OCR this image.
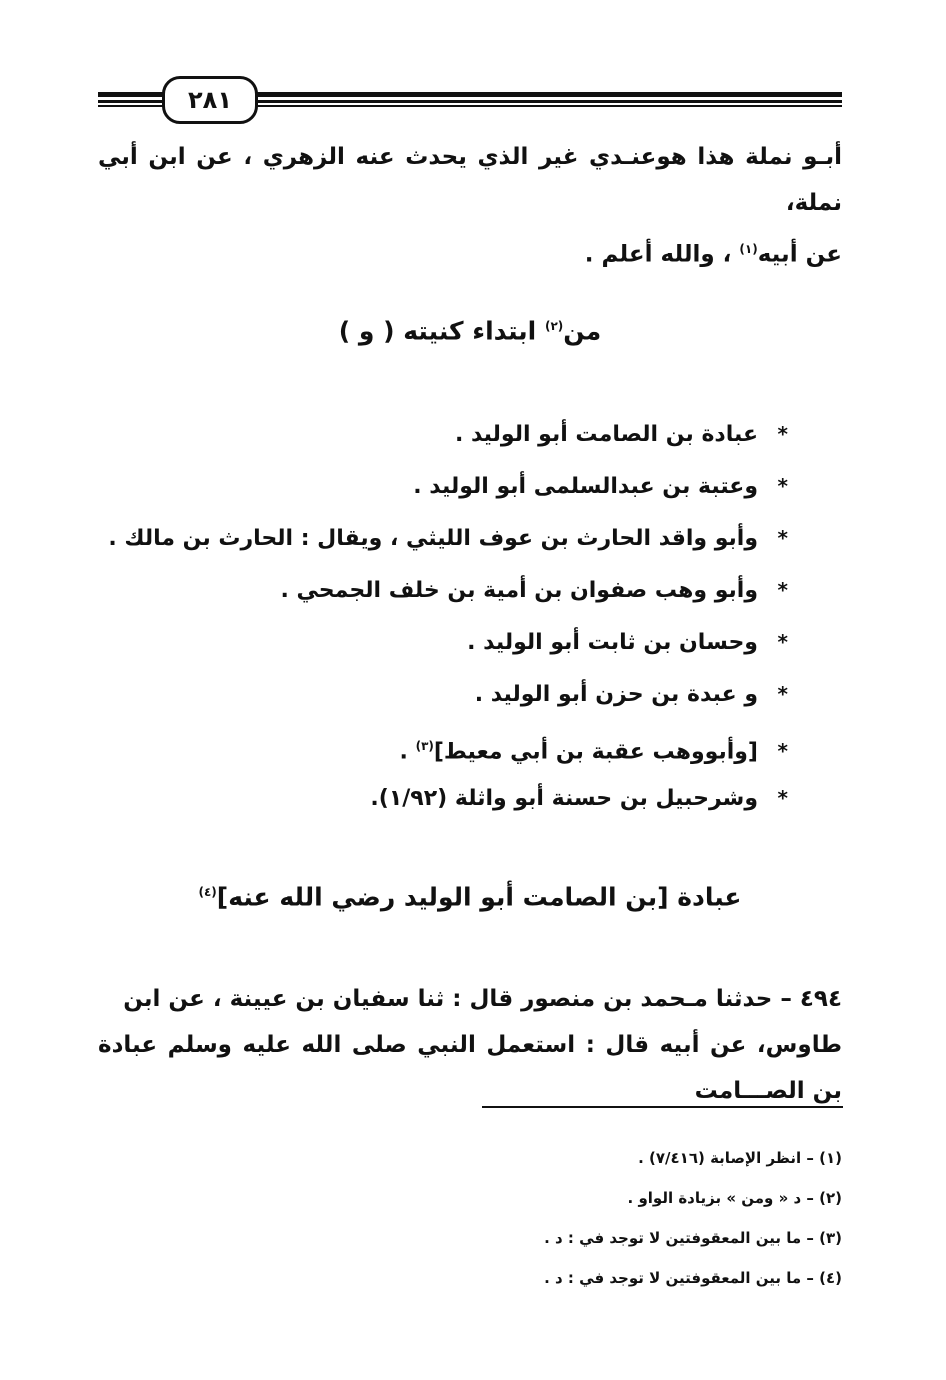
٢٨١
أبـو نملة هذا هوعنـدي غير الذي يحدث عنه الزهري ، عن ابن أبي نملة،
عن أبيه$^{(١)}$ ، والله أعلم .
من$^{(٢)}$ ابتداء كنيته ( و )
*عبادة بن الصامت أبو الوليد .
*وعتبة بن عبدالسلمى أبو الوليد .
*وأبو واقد الحارث بن عوف الليثي ، ويقال : الحارث بن مالك .
*وأبو وهب صفوان بن أمية بن خلف الجمحي .
*وحسان بن ثابت أبو الوليد .
*و عبدة بن حزن أبو الوليد .
*[وأبووهب عقبة بن أبي معيط]$^{(٣)}$ .
*وشرحبيل بن حسنة أبو واثلة (١/٩٢).
عبادة [بن الصامت أبو الوليد رضي الله عنه]$^{(٤)}$
٤٩٤ – حدثنا مـحمد بن منصور قال : ثنا سفيان بن عيينة ، عن ابن
طاوس، عن أبيه قال : استعمل النبي صلى الله عليه وسلم عبادة بن الصـــامت
(١) – انظر الإصابة (٧/٤١٦) .
(٢) – د « ومن » بزيادة الواو .
(٣) – ما بين المعقوفتين لا توجد في : د .
(٤) – ما بين المعقوفتين لا توجد في : د .
